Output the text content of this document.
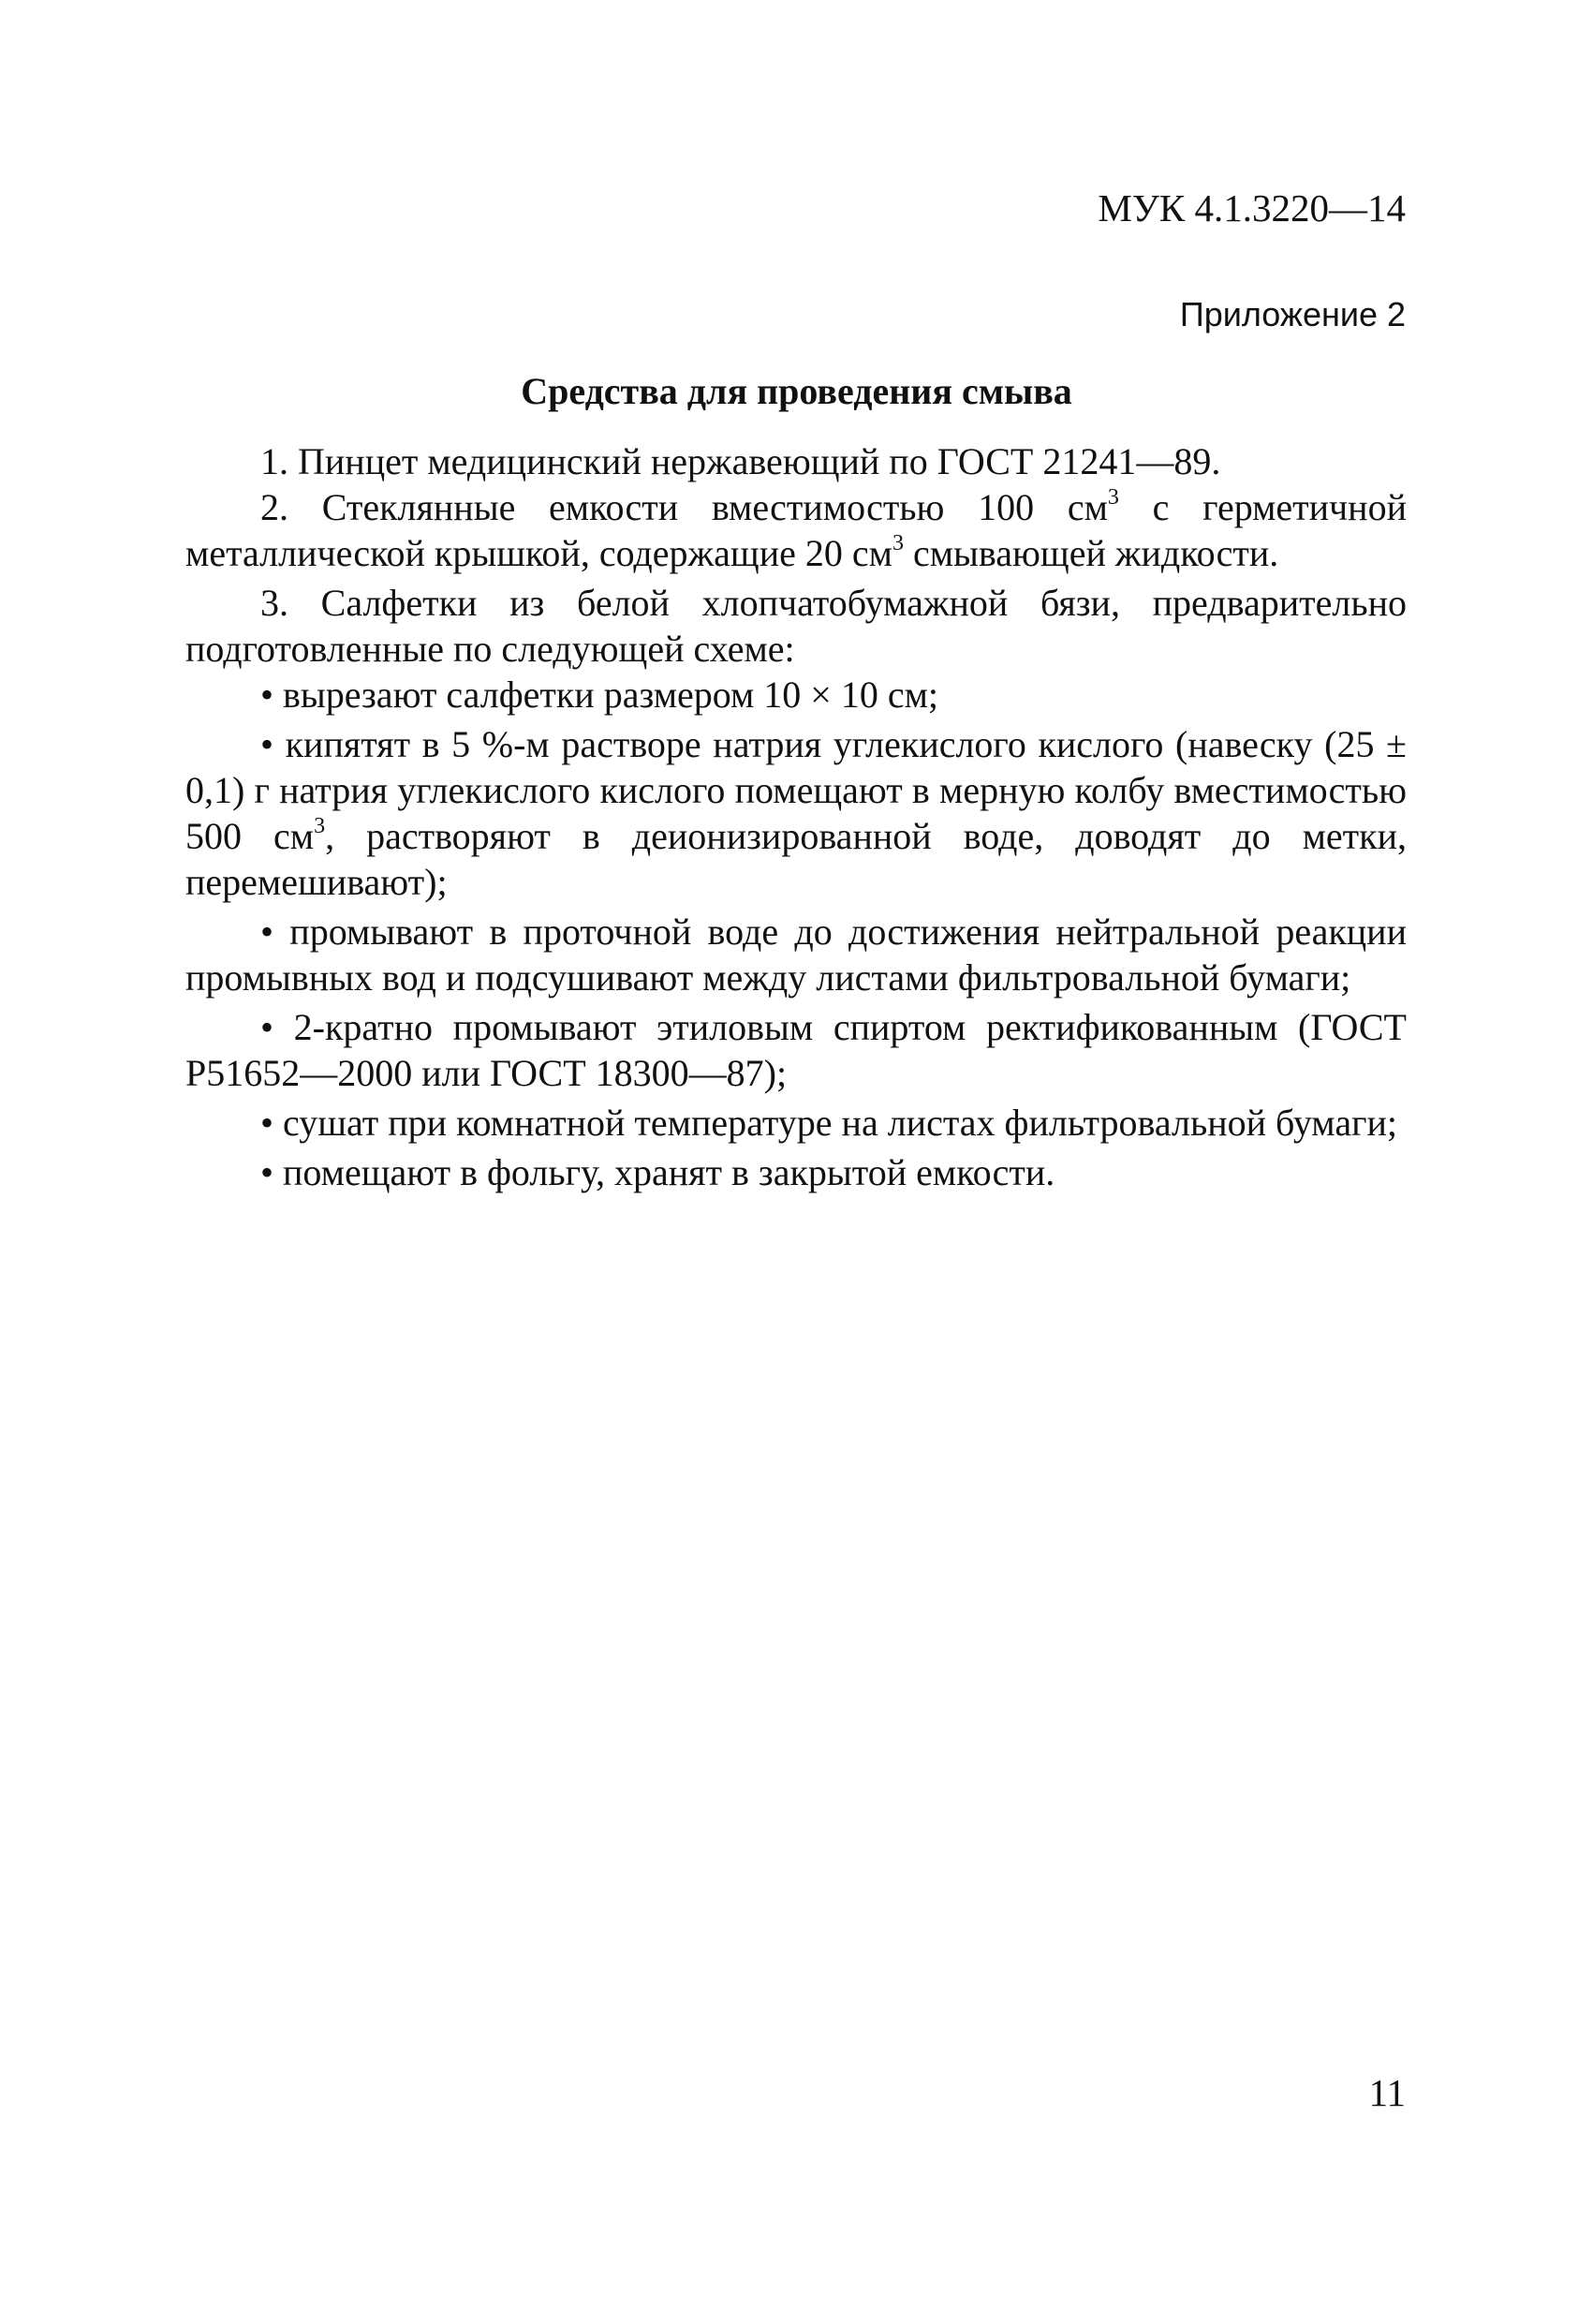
МУК 4.1.3220—14
Приложение 2
Средства для проведения смыва

1. Пинцет медицинский нержавеющий по ГОСТ 21241—89.

2. Стеклянные емкости вместимостью 100 $см^3$ с герметичной металлической крышкой, содержащие 20 $см^3$ смывающей жидкости.

3. Салфетки из белой хлопчатобумажной бязи, предварительно подготовленные по следующей схеме:

• вырезают салфетки размером 10 × 10 см;

• кипятят в 5 %-м растворе натрия углекислого кислого (навеску (25 ± 0,1) г натрия углекислого кислого помещают в мерную колбу вместимостью 500 $см^3$, растворяют в деионизированной воде, доводят до метки, перемешивают);

• промывают в проточной воде до достижения нейтральной реакции промывных вод и подсушивают между листами фильтровальной бумаги;

• 2-кратно промывают этиловым спиртом ректификованным (ГОСТ Р51652—2000 или ГОСТ 18300—87);

• сушат при комнатной температуре на листах фильтровальной бумаги;

• помещают в фольгу, хранят в закрытой емкости.

11
